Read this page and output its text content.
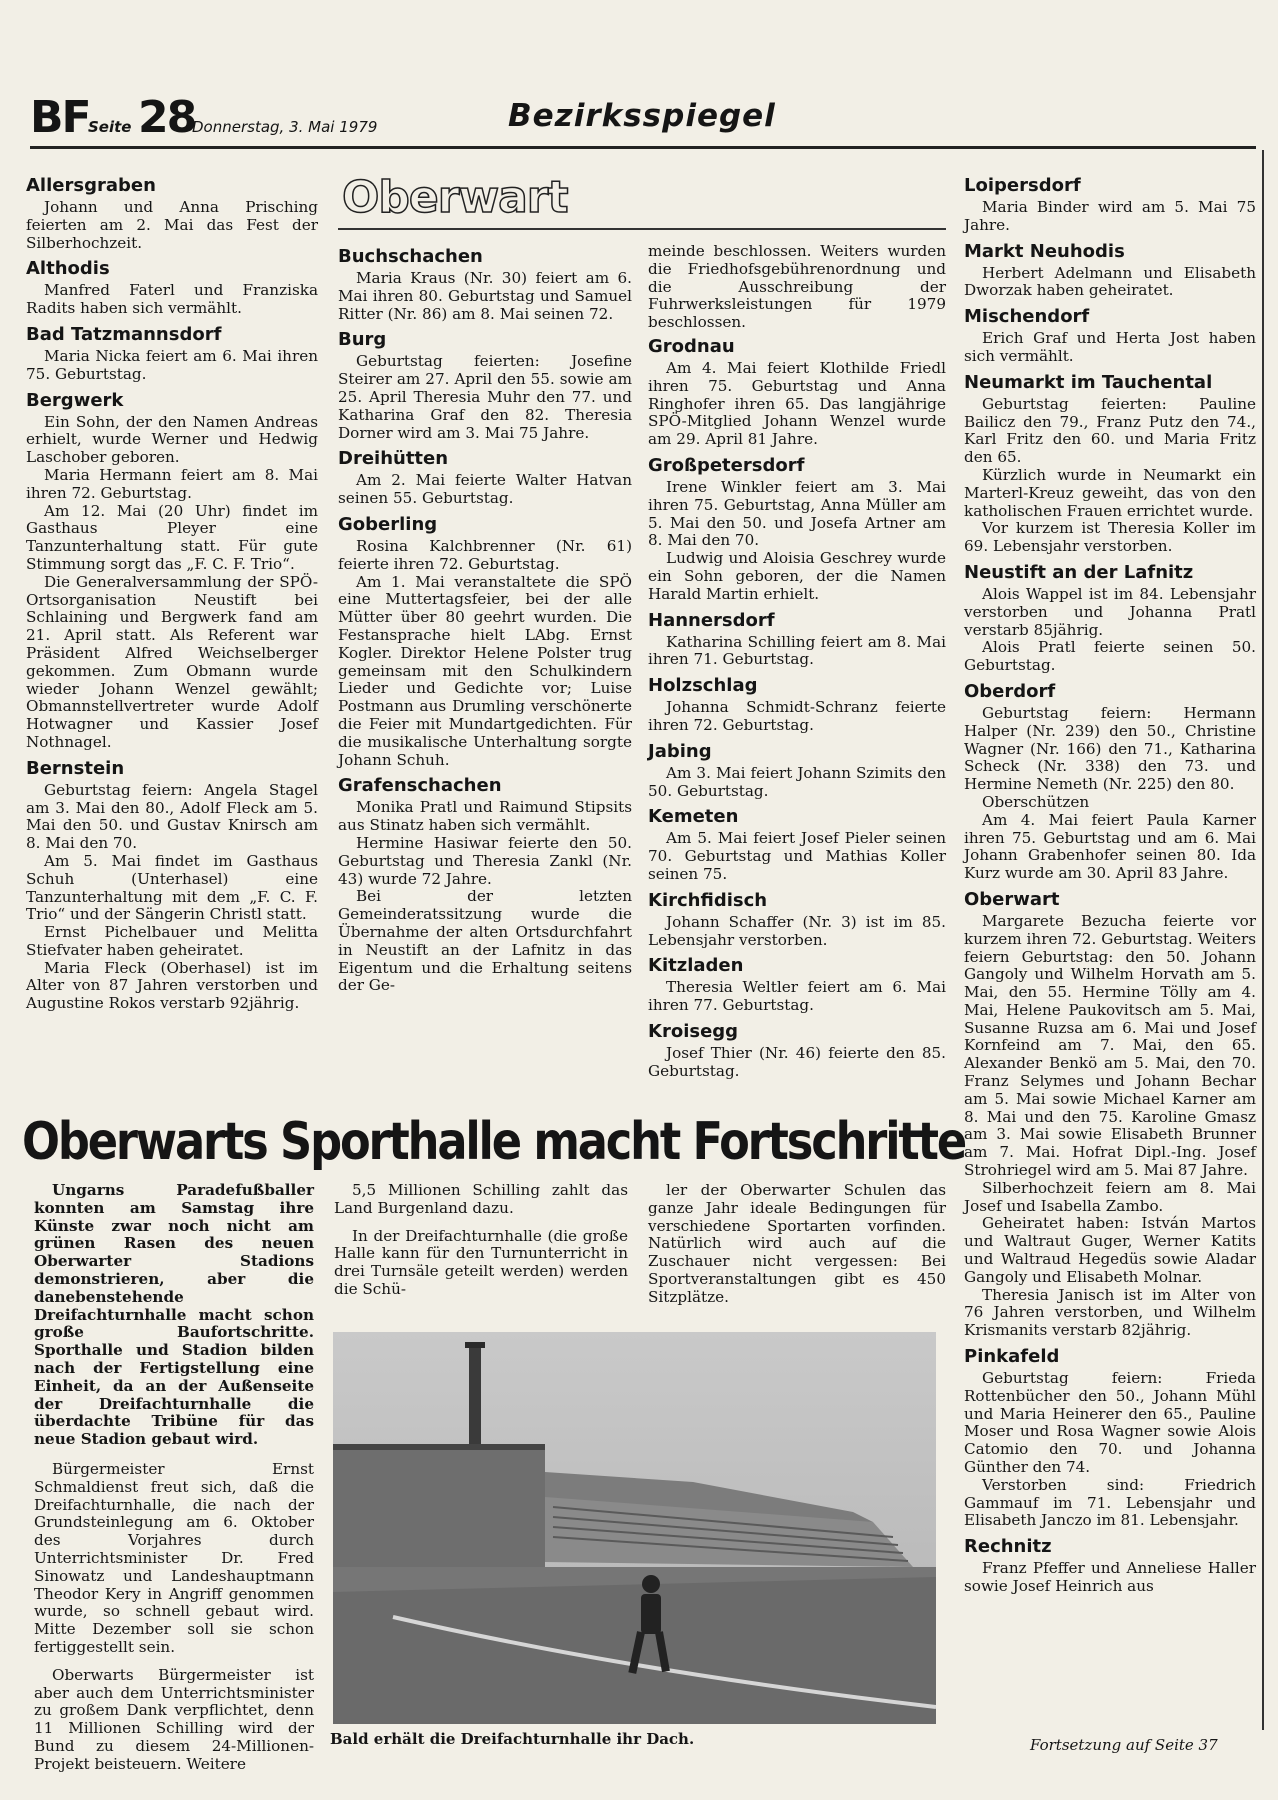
BF
Seite 28
Donnerstag, 3. Mai 1979	Bezirksspiegel
Oberwart
Allersgraben

Johann und Anna Prisching feierten am 2. Mai das Fest der Silberhochzeit.

Althodis

Manfred Faterl und Franziska Radits haben sich vermählt.

Bad Tatzmannsdorf

Maria Nicka feiert am 6. Mai ihren 75. Geburtstag.

Bergwerk

Ein Sohn, der den Namen Andreas erhielt, wurde Werner und Hedwig Laschober geboren.

Maria Hermann feiert am 8. Mai ihren 72. Geburtstag.

Am 12. Mai (20 Uhr) findet im Gasthaus Pleyer eine Tanzunterhaltung statt. Für gute Stimmung sorgt das „F. C. F. Trio“.

Die Generalversammlung der SPÖ-Ortsorganisation Neustift bei Schlaining und Bergwerk fand am 21. April statt. Als Referent war Präsident Alfred Weichselberger gekommen. Zum Obmann wurde wieder Johann Wenzel gewählt; Obmannstellvertreter wurde Adolf Hotwagner und Kassier Josef Nothnagel.

Bernstein

Geburtstag feiern: Angela Stagel am 3. Mai den 80., Adolf Fleck am 5. Mai den 50. und Gustav Knirsch am 8. Mai den 70.

Am 5. Mai findet im Gasthaus Schuh (Unterhasel) eine Tanzunterhaltung mit dem „F. C. F. Trio“ und der Sängerin Christl statt.

Ernst Pichelbauer und Melitta Stiefvater haben geheiratet.

Maria Fleck (Oberhasel) ist im Alter von 87 Jahren verstorben und Augustine Rokos verstarb 92jährig.

Buchschachen

Maria Kraus (Nr. 30) feiert am 6. Mai ihren 80. Geburtstag und Samuel Ritter (Nr. 86) am 8. Mai seinen 72.

Burg

Geburtstag feierten: Josefine Steirer am 27. April den 55. sowie am 25. April Theresia Muhr den 77. und Katharina Graf den 82. Theresia Dorner wird am 3. Mai 75 Jahre.

Dreihütten

Am 2. Mai feierte Walter Hatvan seinen 55. Geburtstag.

Goberling

Rosina Kalchbrenner (Nr. 61) feierte ihren 72. Geburtstag.

Am 1. Mai veranstaltete die SPÖ eine Muttertagsfeier, bei der alle Mütter über 80 geehrt wurden. Die Festansprache hielt LAbg. Ernst Kogler. Direktor Helene Polster trug gemeinsam mit den Schulkindern Lieder und Gedichte vor; Luise Postmann aus Drumling verschönerte die Feier mit Mundartgedichten. Für die musikalische Unterhaltung sorgte Johann Schuh.

Grafenschachen

Monika Pratl und Raimund Stipsits aus Stinatz haben sich vermählt.

Hermine Hasiwar feierte den 50. Geburtstag und Theresia Zankl (Nr. 43) wurde 72 Jahre.

Bei der letzten Gemeinderatssitzung wurde die Übernahme der alten Ortsdurchfahrt in Neustift an der Lafnitz in das Eigentum und die Erhaltung seitens der Ge-

meinde beschlossen. Weiters wurden die Friedhofsgebührenordnung und die Ausschreibung der Fuhrwerksleistungen für 1979 beschlossen.

Grodnau

Am 4. Mai feiert Klothilde Friedl ihren 75. Geburtstag und Anna Ringhofer ihren 65. Das langjährige SPÖ-Mitglied Johann Wenzel wurde am 29. April 81 Jahre.

Großpetersdorf

Irene Winkler feiert am 3. Mai ihren 75. Geburtstag, Anna Müller am 5. Mai den 50. und Josefa Artner am 8. Mai den 70.

Ludwig und Aloisia Geschrey wurde ein Sohn geboren, der die Namen Harald Martin erhielt.

Hannersdorf

Katharina Schilling feiert am 8. Mai ihren 71. Geburtstag.

Holzschlag

Johanna Schmidt-Schranz feierte ihren 72. Geburtstag.

Jabing

Am 3. Mai feiert Johann Szimits den 50. Geburtstag.

Kemeten

Am 5. Mai feiert Josef Pieler seinen 70. Geburtstag und Mathias Koller seinen 75.

Kirchfidisch

Johann Schaffer (Nr. 3) ist im 85. Lebensjahr verstorben.

Kitzladen

Theresia Weltler feiert am 6. Mai ihren 77. Geburtstag.

Kroisegg

Josef Thier (Nr. 46) feierte den 85. Geburtstag.

Loipersdorf

Maria Binder wird am 5. Mai 75 Jahre.

Markt Neuhodis

Herbert Adelmann und Elisabeth Dworzak haben geheiratet.

Mischendorf

Erich Graf und Herta Jost haben sich vermählt.

Neumarkt im Tauchental

Geburtstag feierten: Pauline Bailicz den 79., Franz Putz den 74., Karl Fritz den 60. und Maria Fritz den 65.

Kürzlich wurde in Neumarkt ein Marterl-Kreuz geweiht, das von den katholischen Frauen errichtet wurde.

Vor kurzem ist Theresia Koller im 69. Lebensjahr verstorben.

Neustift an der Lafnitz

Alois Wappel ist im 84. Lebensjahr verstorben und Johanna Pratl verstarb 85jährig.

Alois Pratl feierte seinen 50. Geburtstag.

Oberdorf

Geburtstag feiern: Hermann Halper (Nr. 239) den 50., Christine Wagner (Nr. 166) den 71., Katharina Scheck (Nr. 338) den 73. und Hermine Nemeth (Nr. 225) den 80.

Oberschützen

Am 4. Mai feiert Paula Karner ihren 75. Geburtstag und am 6. Mai Johann Grabenhofer seinen 80. Ida Kurz wurde am 30. April 83 Jahre.

Oberwart

Margarete Bezucha feierte vor kurzem ihren 72. Geburtstag. Weiters feiern Geburtstag: den 50. Johann Gangoly und Wilhelm Horvath am 5. Mai, den 55. Hermine Tölly am 4. Mai, Helene Paukovitsch am 5. Mai, Susanne Ruzsa am 6. Mai und Josef Kornfeind am 7. Mai, den 65. Alexander Benkö am 5. Mai, den 70. Franz Selymes und Johann Bechar am 5. Mai sowie Michael Karner am 8. Mai und den 75. Karoline Gmasz am 3. Mai sowie Elisabeth Brunner am 7. Mai. Hofrat Dipl.-Ing. Josef Strohriegel wird am 5. Mai 87 Jahre.

Silberhochzeit feiern am 8. Mai Josef und Isabella Zambo.

Geheiratet haben: István Martos und Waltraut Guger, Werner Katits und Waltraud Hegedüs sowie Aladar Gangoly und Elisabeth Molnar.

Theresia Janisch ist im Alter von 76 Jahren verstorben, und Wilhelm Krismanits verstarb 82jährig.

Pinkafeld

Geburtstag feiern: Frieda Rottenbücher den 50., Johann Mühl und Maria Heinerer den 65., Pauline Moser und Rosa Wagner sowie Alois Catomio den 70. und Johanna Günther den 74.

Verstorben sind: Friedrich Gammauf im 71. Lebensjahr und Elisabeth Janczo im 81. Lebensjahr.

Rechnitz

Franz Pfeffer und Anneliese Haller sowie Josef Heinrich aus

Oberwarts Sporthalle macht Fortschritte

Ungarns Paradefußballer konnten am Samstag ihre Künste zwar noch nicht am grünen Rasen des neuen Oberwarter Stadions demonstrieren, aber die danebenstehende Dreifachturnhalle macht schon große Baufortschritte. Sporthalle und Stadion bilden nach der Fertigstellung eine Einheit, da an der Außenseite der Dreifachturnhalle die überdachte Tribüne für das neue Stadion gebaut wird.

Bürgermeister Ernst Schmaldienst freut sich, daß die Dreifachturnhalle, die nach der Grundsteinlegung am 6. Oktober des Vorjahres durch Unterrichtsminister Dr. Fred Sinowatz und Landeshauptmann Theodor Kery in Angriff genommen wurde, so schnell gebaut wird. Mitte Dezember soll sie schon fertiggestellt sein.

Oberwarts Bürgermeister ist aber auch dem Unterrichtsminister zu großem Dank verpflichtet, denn 11 Millionen Schilling wird der Bund zu diesem 24-Millionen-Projekt beisteuern. Weitere

5,5 Millionen Schilling zahlt das Land Burgenland dazu.

In der Dreifachturnhalle (die große Halle kann für den Turnunterricht in drei Turnsäle geteilt werden) werden die Schü-

ler der Oberwarter Schulen das ganze Jahr ideale Bedingungen für verschiedene Sportarten vorfinden. Natürlich wird auch auf die Zuschauer nicht vergessen: Bei Sportveranstaltungen gibt es 450 Sitzplätze.

Bald erhält die Dreifachturnhalle ihr Dach.	Fortsetzung auf Seite 37
